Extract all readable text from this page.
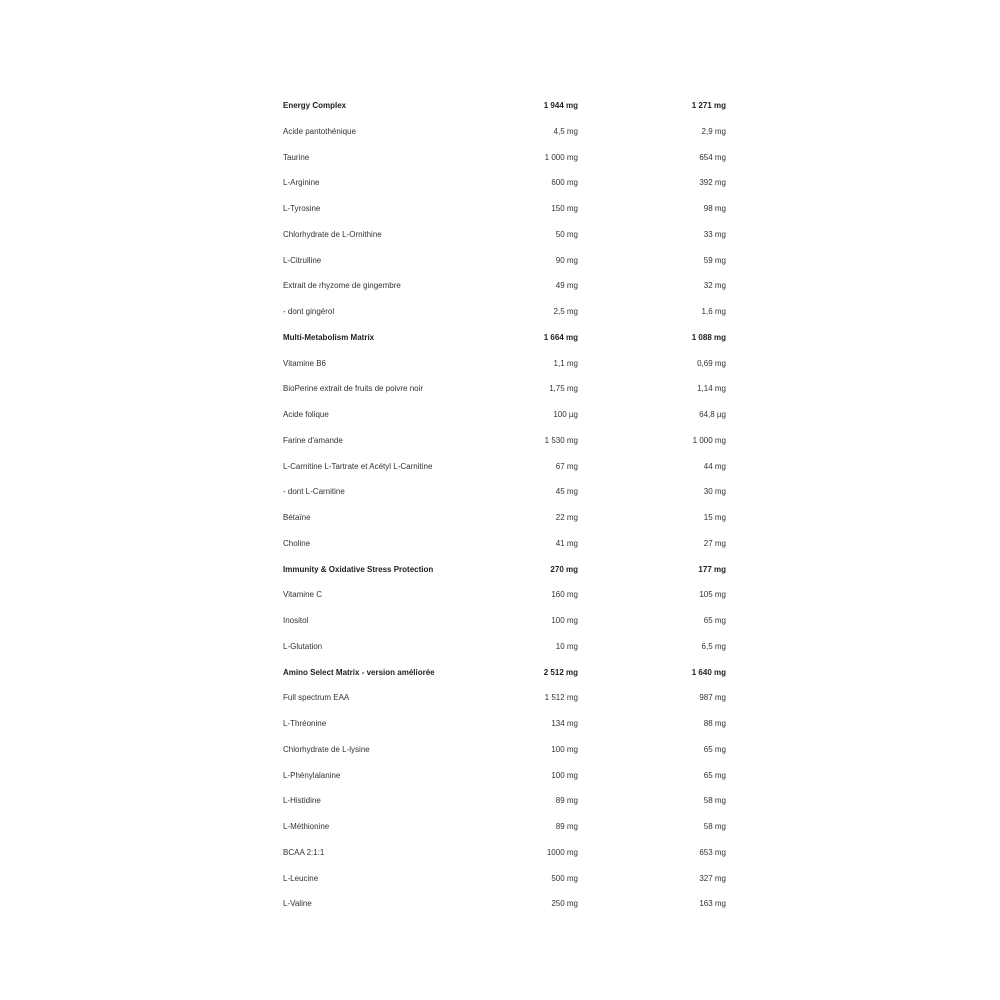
Energy Complex	1 944 mg	1 271 mg
Acide pantothénique	4,5 mg	2,9 mg
Taurine	1 000 mg	654 mg
L-Arginine	600 mg	392 mg
L-Tyrosine	150 mg	98 mg
Chlorhydrate de L-Ornithine	50 mg	33 mg
L-Citrulline	90 mg	59 mg
Extrait de rhyzome de gingembre	49 mg	32 mg
- dont gingérol	2,5 mg	1,6 mg
Multi-Metabolism Matrix	1 664 mg	1 088 mg
Vitamine B6	1,1 mg	0,69 mg
BioPerine extrait de fruits de poivre noir	1,75 mg	1,14 mg
Acide folique	100 µg	64,8 µg
Farine d'amande	1 530 mg	1 000 mg
L-Carnitine L-Tartrate et Acétyl L-Carnitine	67 mg	44 mg
- dont L-Carnitine	45 mg	30 mg
Bétaïne	22 mg	15 mg
Choline	41 mg	27 mg
Immunity & Oxidative Stress Protection	270 mg	177 mg
Vitamine C	160 mg	105 mg
Inositol	100 mg	65 mg
L-Glutation	10 mg	6,5 mg
Amino Select Matrix - version améliorée	2 512 mg	1 640 mg
Full spectrum EAA	1 512 mg	987 mg
L-Thréonine	134 mg	88 mg
Chlorhydrate de L-lysine	100 mg	65 mg
L-Phénylalanine	100 mg	65 mg
L-Histidine	89 mg	58 mg
L-Méthionine	89 mg	58 mg
BCAA 2:1:1	1000 mg	653 mg
L-Leucine	500 mg	327 mg
L-Valine	250 mg	163 mg
